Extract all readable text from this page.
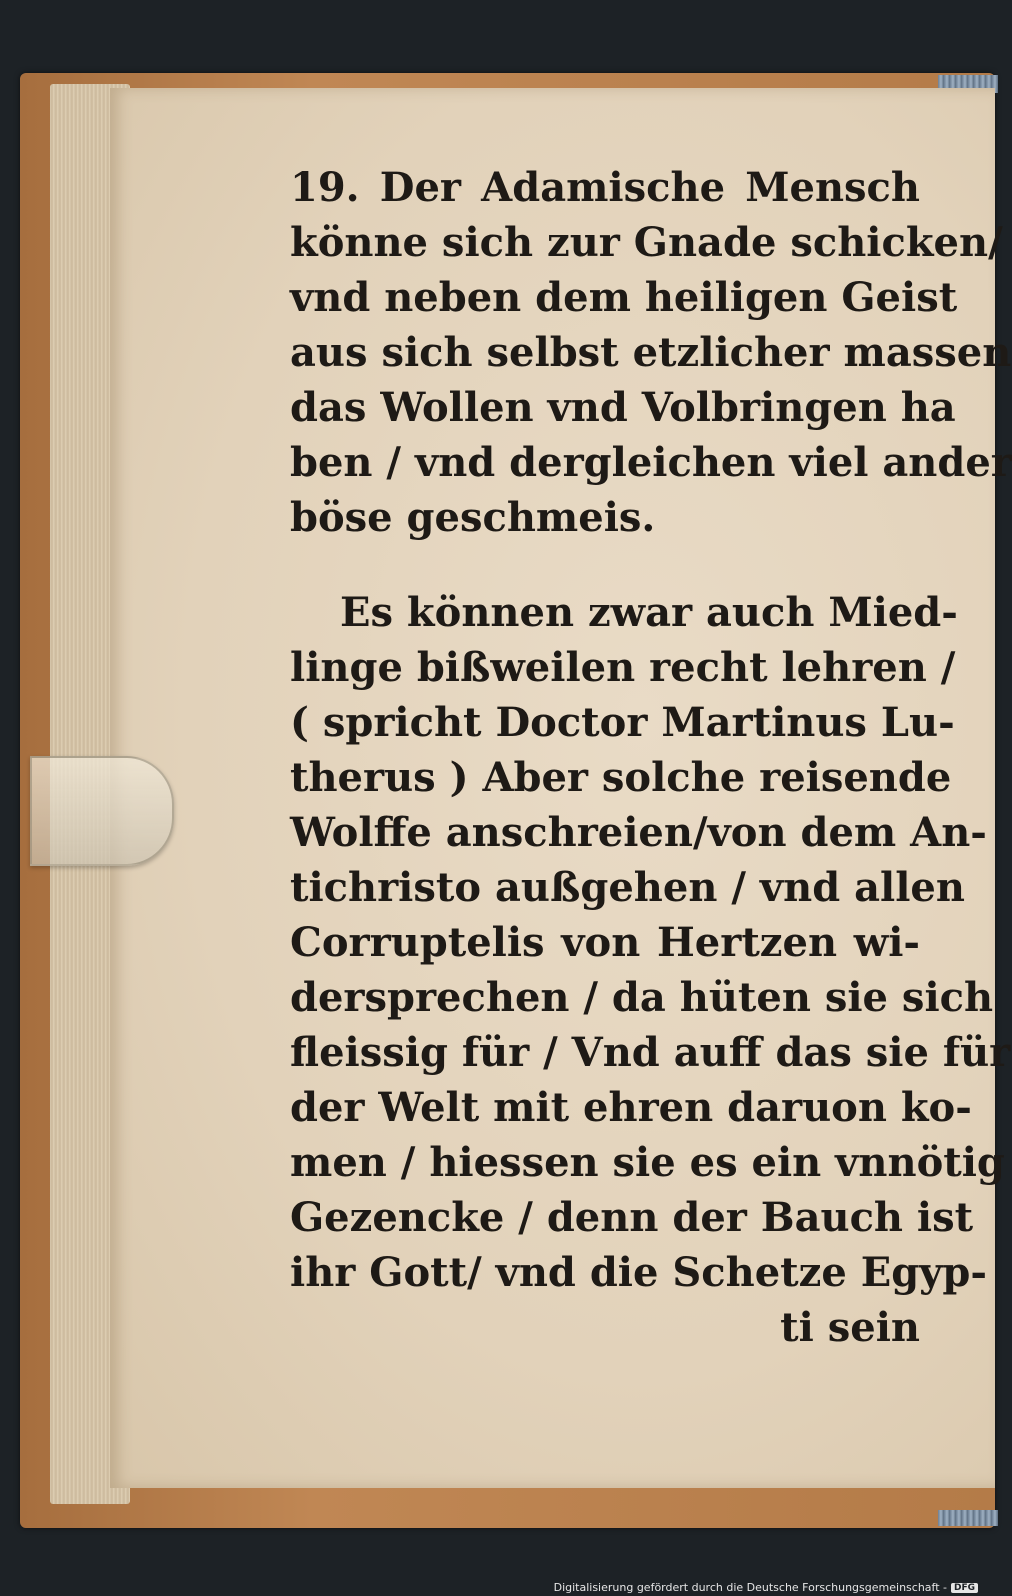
19. Der Adamische Mensch
könne sich zur Gnade schicken/
vnd neben dem heiligen Geist
aus sich selbst etzlicher massen
das Wollen vnd Volbringen ha
ben / vnd dergleichen viel ander
böse geschmeis.
Es können zwar auch Mied-
linge bißweilen recht lehren /
( spricht Doctor Martinus Lu-
therus ) Aber solche reisende
Wolffe anschreien/von dem An-
tichristo außgehen / vnd allen
Corruptelis von Hertzen wi-
dersprechen / da hüten sie sich
fleissig für / Vnd auff das sie für
der Welt mit ehren daruon ko-
men / hiessen sie es ein vnnötig
Gezencke / denn der Bauch ist
ihr Gott/ vnd die Schetze Egyp-
ti sein
Digitalisierung gefördert durch die Deutsche Forschungsgemeinschaft - DFG
